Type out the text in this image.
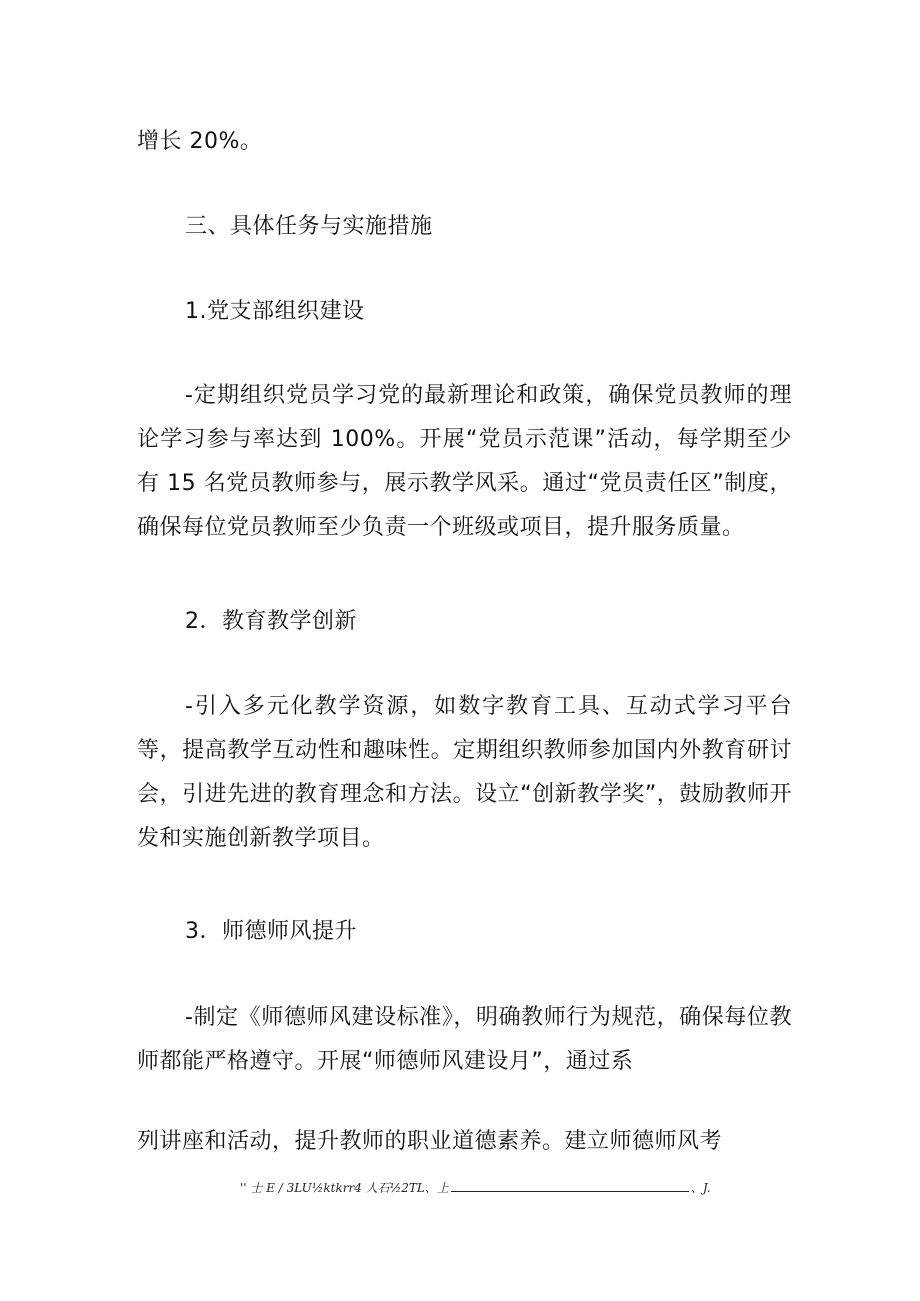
增长 20%。
三、具体任务与实施措施
1.党支部组织建设
-定期组织党员学习党的最新理论和政策，确保党员教师的理论学习参与率达到 100%。开展“党员示范课”活动，每学期至少有 15 名党员教师参与，展示教学风采。通过“党员责任区”制度，确保每位党员教师至少负责一个班级或项目，提升服务质量。
2．教育教学创新
-引入多元化教学资源，如数字教育工具、互动式学习平台等，提高教学互动性和趣味性。定期组织教师参加国内外教育研讨会，引进先进的教育理念和方法。设立“创新教学奖”，鼓励教师开发和实施创新教学项目。
3．师德师风提升
-制定《师德师风建设标准》，明确教师行为规范，确保每位教师都能严格遵守。开展“师德师风建设月”，通过系
列讲座和活动，提升教师的职业道德素养。建立师德师风考
'' 士 E / 3LU½ktkrr4 人石½2TL、上	、J.
